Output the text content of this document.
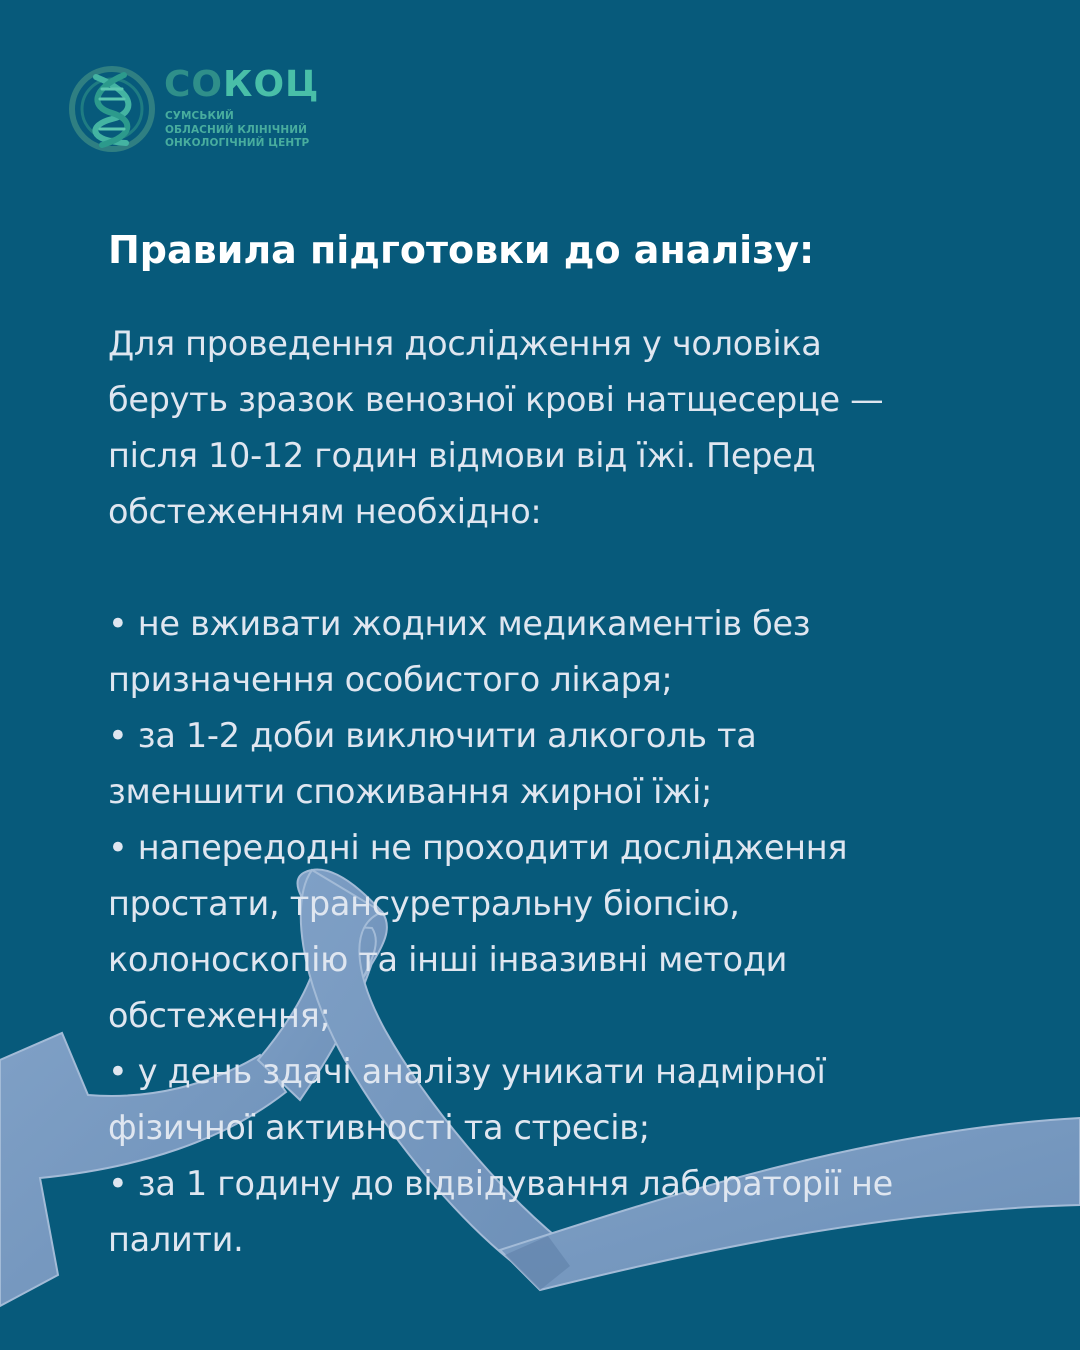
СОКОЦ
СУМСЬКИЙ
ОБЛАСНИЙ КЛІНІЧНИЙ
ОНКОЛОГІЧНИЙ ЦЕНТР
Правила підготовки до аналізу:
Для проведення дослідження у чоловіка
беруть зразок венозної крові натщесерце —
після 10-12 годин відмови від їжі. Перед
обстеженням необхідно:
• не вживати жодних медикаментів без
призначення особистого лікаря;
• за 1-2 доби виключити алкоголь та
зменшити споживання жирної їжі;
• напередодні не проходити дослідження
простати, трансуретральну біопсію,
колоноскопію та інші інвазивні методи
обстеження;
• у день здачі аналізу уникати надмірної
фізичної активності та стресів;
• за 1 годину до відвідування лабораторії не
палити.
